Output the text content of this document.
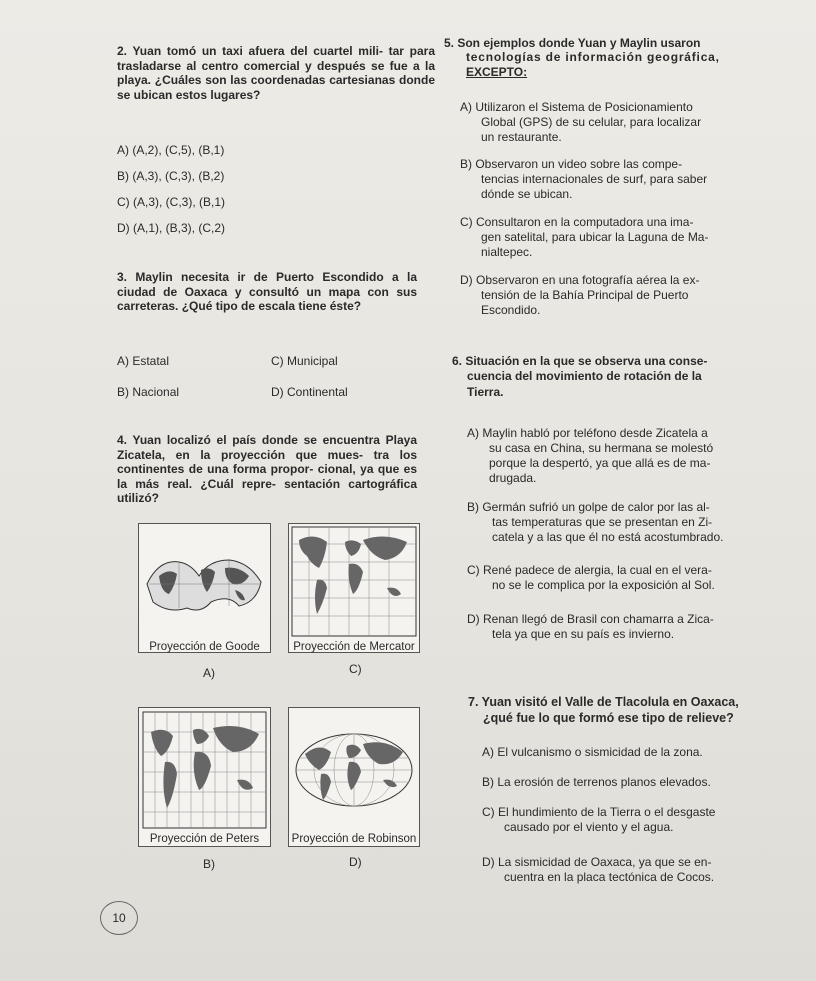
2. Yuan tomó un taxi afuera del cuartel mili- tar para trasladarse al centro comercial y después se fue a la playa. ¿Cuáles son las coordenadas cartesianas donde se ubican estos lugares?
A) (A,2), (C,5), (B,1)
B) (A,3), (C,3), (B,2)
C) (A,3), (C,3), (B,1)
D) (A,1), (B,3), (C,2)
3. Maylin necesita ir de Puerto Escondido a la ciudad de Oaxaca y consultó un mapa con sus carreteras. ¿Qué tipo de escala tiene éste?
A) Estatal	C) Municipal
B) Nacional	D) Continental
4. Yuan localizó el país donde se encuentra Playa Zicatela, en la proyección que mues- tra los continentes de una forma propor- cional, ya que es la más real. ¿Cuál repre- sentación cartográfica utilizó?
Proyección de Goode
A)
Proyección de Mercator
C)
Proyección de Peters
B)
Proyección de Robinson
D)
10
5. Son ejemplos donde Yuan y Maylin usaron
tecnologías de información geográfica,
EXCEPTO:
A) Utilizaron el Sistema de Posicionamiento
Global (GPS) de su celular, para localizar
un restaurante.
B) Observaron un video sobre las compe-
tencias internacionales de surf, para saber
dónde se ubican.
C) Consultaron en la computadora una ima-
gen satelital, para ubicar la Laguna de Ma-
nialtepec.
D) Observaron en una fotografía aérea la ex-
tensión de la Bahía Principal de Puerto
Escondido.
6. Situación en la que se observa una conse-
cuencia del movimiento de rotación de la
Tierra.
A) Maylin habló por teléfono desde Zicatela a
su casa en China, su hermana se molestó
porque la despertó, ya que allá es de ma-
drugada.
B) Germán sufrió un golpe de calor por las al-
tas temperaturas que se presentan en Zi-
catela y a las que él no está acostumbrado.
C) René padece de alergia, la cual en el vera-
no se le complica por la exposición al Sol.
D) Renan llegó de Brasil con chamarra a Zica-
tela ya que en su país es invierno.
7. Yuan visitó el Valle de Tlacolula en Oaxaca,
¿qué fue lo que formó ese tipo de relieve?
A) El vulcanismo o sismicidad de la zona.
B) La erosión de terrenos planos elevados.
C) El hundimiento de la Tierra o el desgaste
causado por el viento y el agua.
D) La sismicidad de Oaxaca, ya que se en-
cuentra en la placa tectónica de Cocos.
